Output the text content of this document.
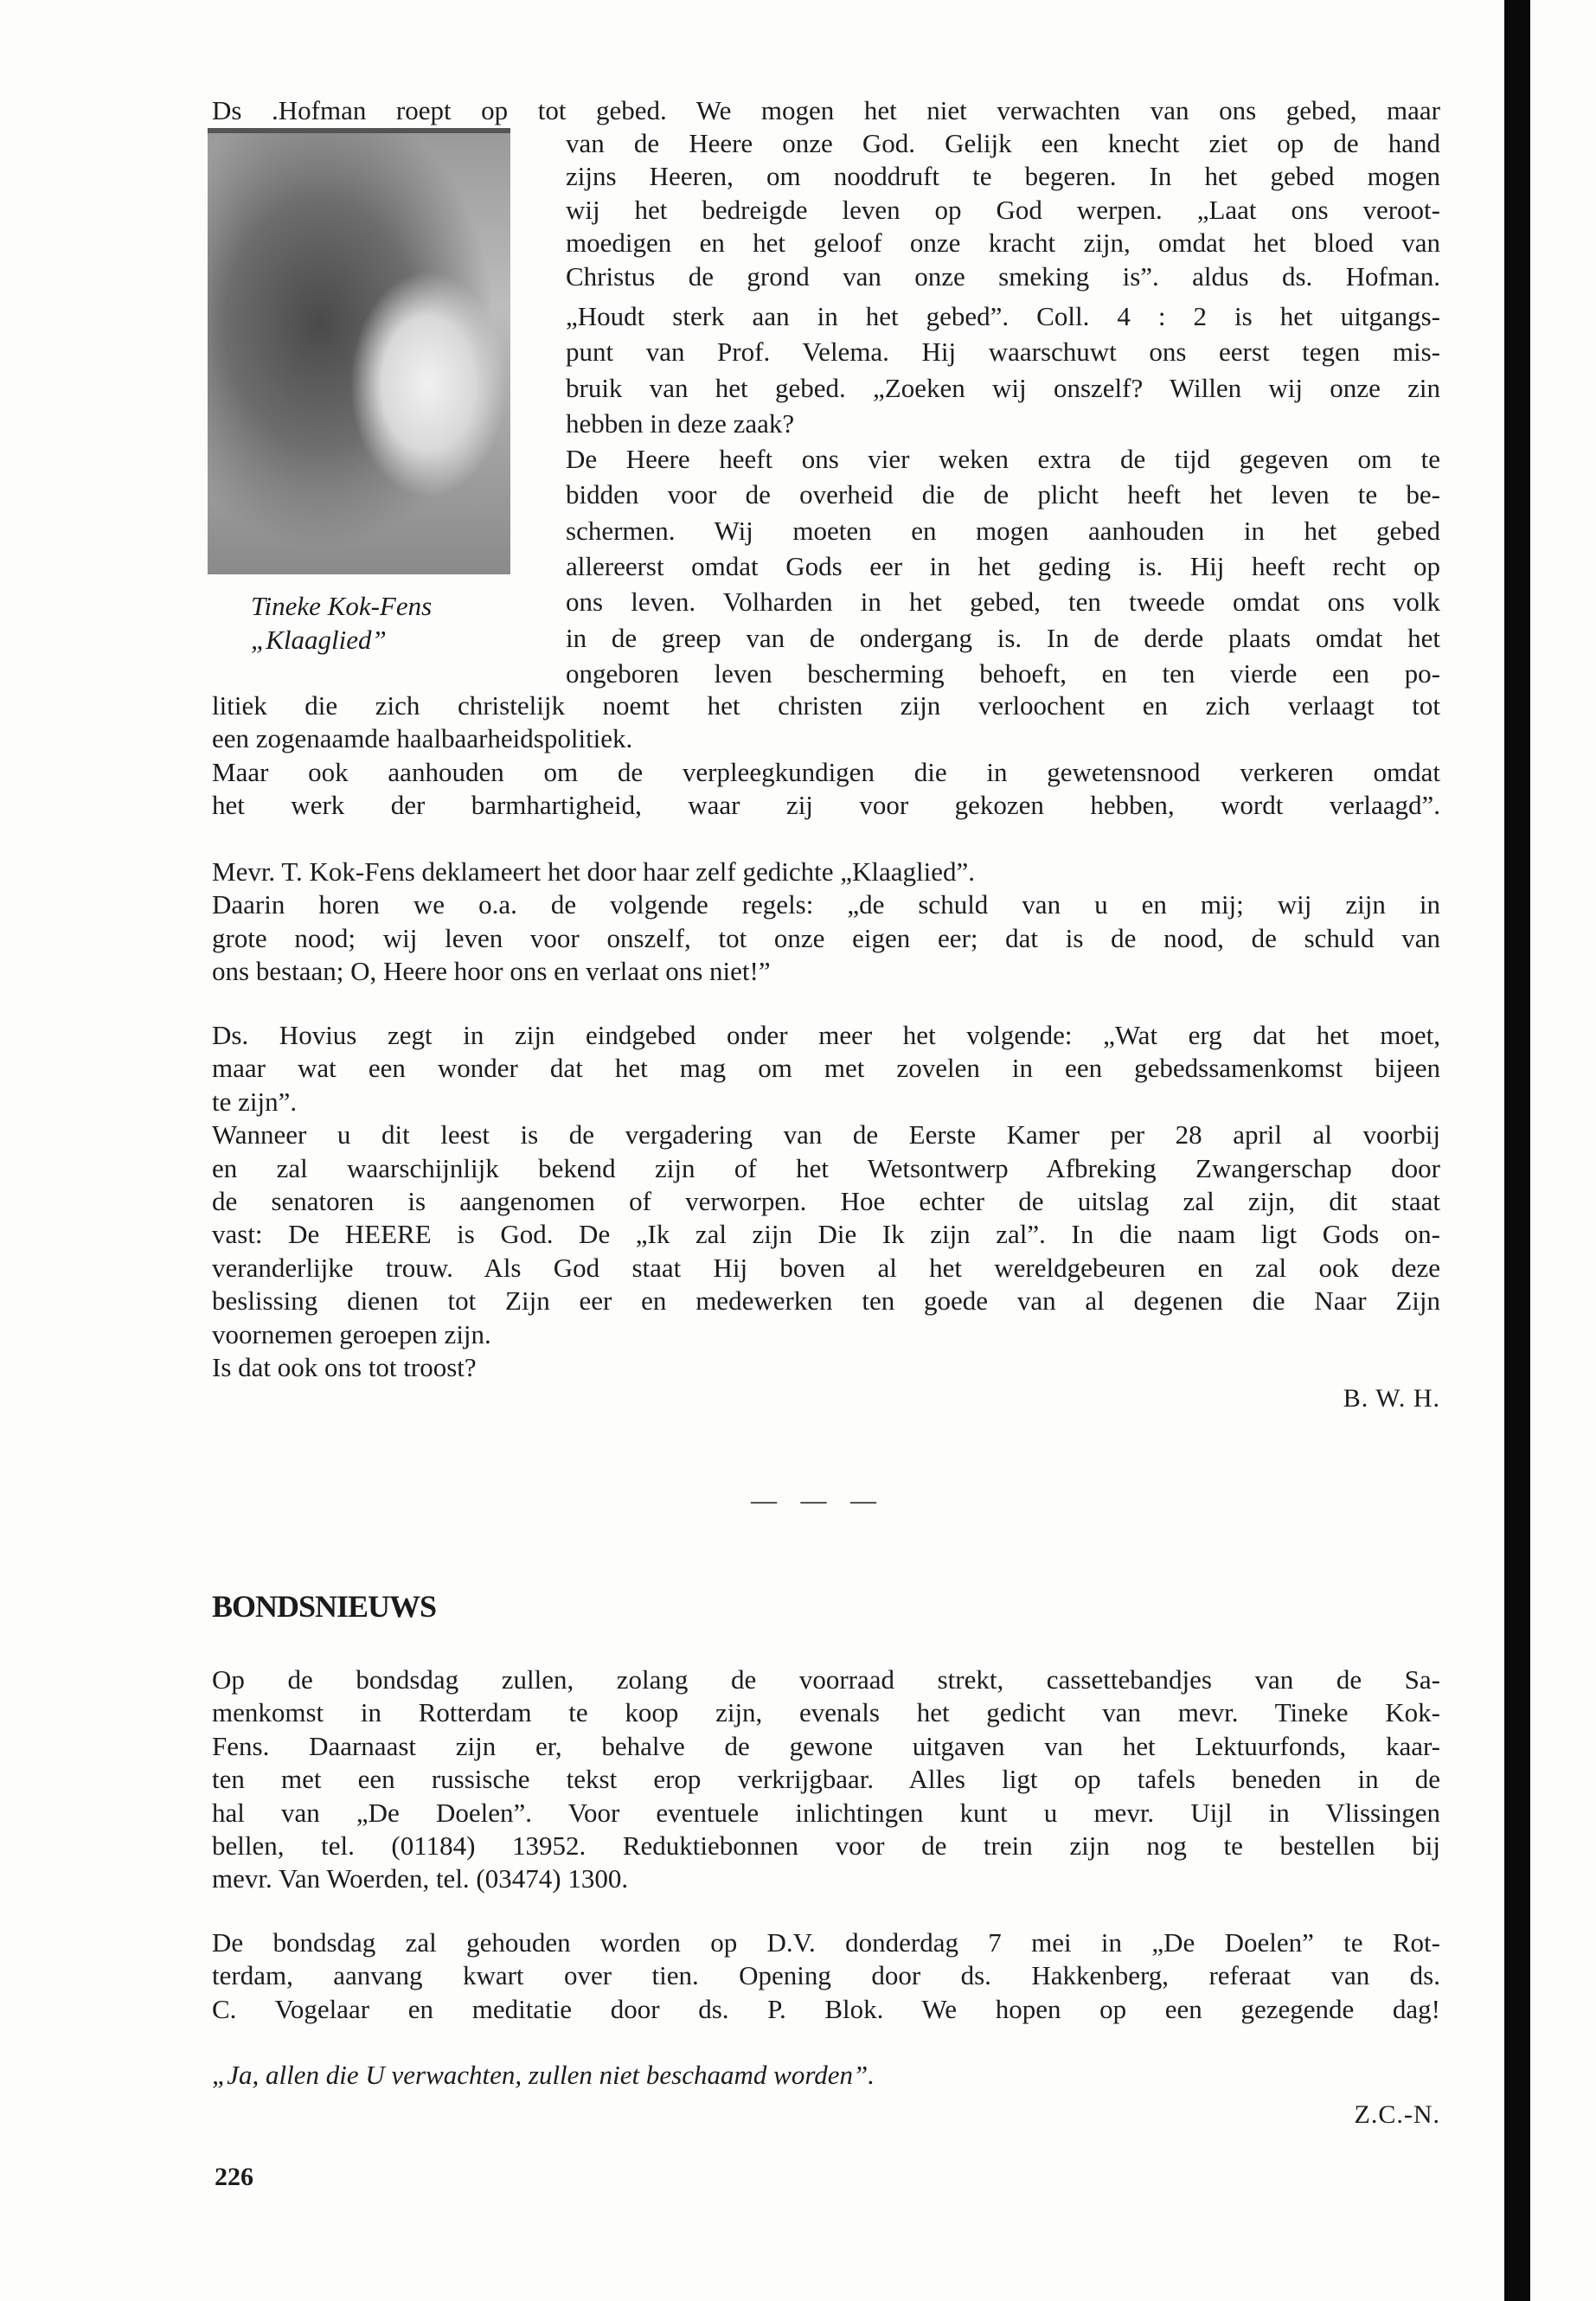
Ds .Hofman roept op tot gebed. We mogen het niet verwachten van ons gebed, maar
van de Heere onze God. Gelijk een knecht ziet op de hand
zijns Heeren, om nooddruft te begeren. In het gebed mogen
wij het bedreigde leven op God werpen. „Laat ons veroot-
moedigen en het geloof onze kracht zijn, omdat het bloed van
Christus de grond van onze smeking is”. aldus ds. Hofman.
„Houdt sterk aan in het gebed”. Coll. 4 : 2 is het uitgangs-
punt van Prof. Velema. Hij waarschuwt ons eerst tegen mis-
bruik van het gebed. „Zoeken wij onszelf? Willen wij onze zin
hebben in deze zaak?
De Heere heeft ons vier weken extra de tijd gegeven om te
bidden voor de overheid die de plicht heeft het leven te be-
schermen. Wij moeten en mogen aanhouden in het gebed
allereerst omdat Gods eer in het geding is. Hij heeft recht op
ons leven. Volharden in het gebed, ten tweede omdat ons volk
in de greep van de ondergang is. In de derde plaats omdat het
ongeboren leven bescherming behoeft, en ten vierde een po-
Tineke Kok-Fens
„Klaaglied”
litiek die zich christelijk noemt het christen zijn verloochent en zich verlaagt tot
een zogenaamde haalbaarheidspolitiek.
Maar ook aanhouden om de verpleegkundigen die in gewetensnood verkeren omdat
het werk der barmhartigheid, waar zij voor gekozen hebben, wordt verlaagd”.
Mevr. T. Kok-Fens deklameert het door haar zelf gedichte „Klaaglied”.
Daarin horen we o.a. de volgende regels: „de schuld van u en mij; wij zijn in
grote nood; wij leven voor onszelf, tot onze eigen eer; dat is de nood, de schuld van
ons bestaan; O, Heere hoor ons en verlaat ons niet!”
Ds. Hovius zegt in zijn eindgebed onder meer het volgende: „Wat erg dat het moet,
maar wat een wonder dat het mag om met zovelen in een gebedssamenkomst bijeen
te zijn”.
Wanneer u dit leest is de vergadering van de Eerste Kamer per 28 april al voorbij
en zal waarschijnlijk bekend zijn of het Wetsontwerp Afbreking Zwangerschap door
de senatoren is aangenomen of verworpen. Hoe echter de uitslag zal zijn, dit staat
vast: De HEERE is God. De „Ik zal zijn Die Ik zijn zal”. In die naam ligt Gods on-
veranderlijke trouw. Als God staat Hij boven al het wereldgebeuren en zal ook deze
beslissing dienen tot Zijn eer en medewerken ten goede van al degenen die Naar Zijn
voornemen geroepen zijn.
Is dat ook ons tot troost?
B. W. H.
— — —
BONDSNIEUWS
Op de bondsdag zullen, zolang de voorraad strekt, cassettebandjes van de Sa-
menkomst in Rotterdam te koop zijn, evenals het gedicht van mevr. Tineke Kok-
Fens. Daarnaast zijn er, behalve de gewone uitgaven van het Lektuurfonds, kaar-
ten met een russische tekst erop verkrijgbaar. Alles ligt op tafels beneden in de
hal van „De Doelen”. Voor eventuele inlichtingen kunt u mevr. Uijl in Vlissingen
bellen, tel. (01184) 13952. Reduktiebonnen voor de trein zijn nog te bestellen bij
mevr. Van Woerden, tel. (03474) 1300.
De bondsdag zal gehouden worden op D.V. donderdag 7 mei in „De Doelen” te Rot-
terdam, aanvang kwart over tien. Opening door ds. Hakkenberg, referaat van ds.
C. Vogelaar en meditatie door ds. P. Blok. We hopen op een gezegende dag!
„Ja, allen die U verwachten, zullen niet beschaamd worden”.
Z.C.-N.
226
